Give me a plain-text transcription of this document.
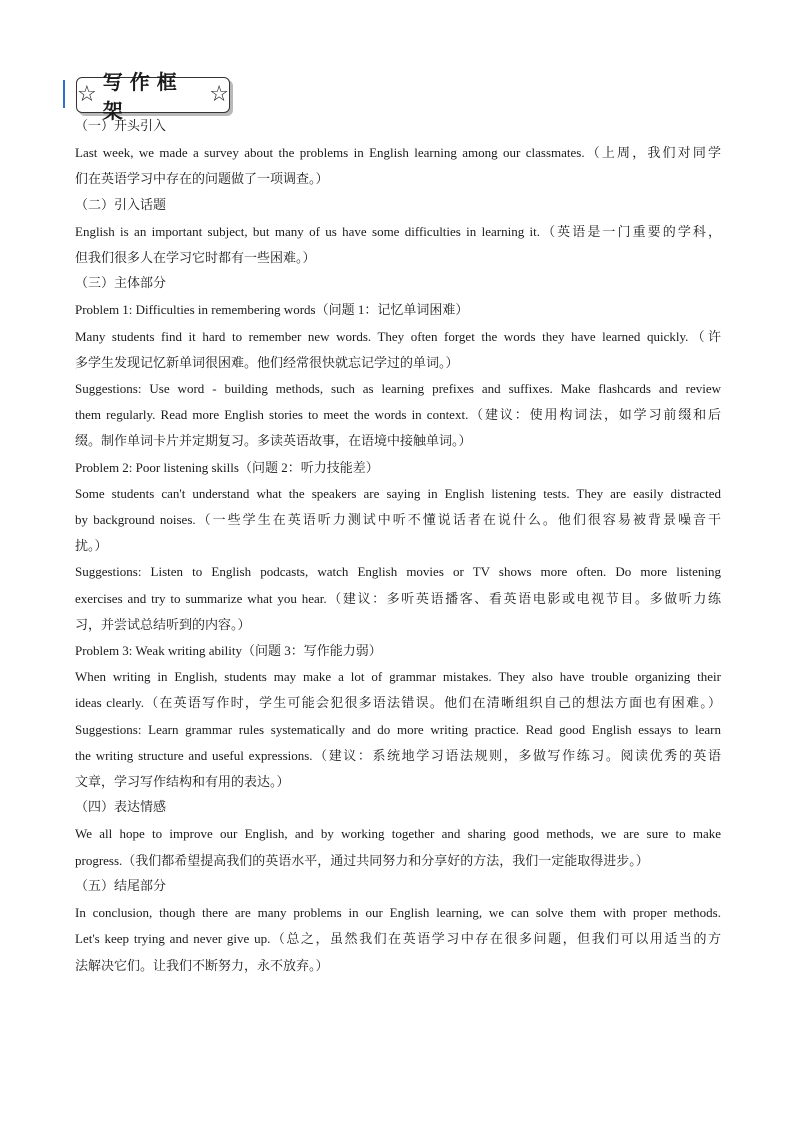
☆ 写作框架
☆
（一）开头引入
Last week, we made a survey about the problems in English learning among our classmates.（上周，我们对同学
们在英语学习中存在的问题做了一项调查。）
（二）引入话题
English is an important subject, but many of us have some difficulties in learning it.（英语是一门重要的学科，
但我们很多人在学习它时都有一些困难。）
（三）主体部分
Problem 1: Difficulties in remembering words（问题 1：记忆单词困难）
Many students find it hard to remember new words. They often forget the words they have learned quickly.（许
多学生发现记忆新单词很困难。他们经常很快就忘记学过的单词。）
Suggestions: Use word - building methods, such as learning prefixes and suffixes. Make flashcards and review
them regularly. Read more English stories to meet the words in context.（建议：使用构词法，如学习前缀和后
缀。制作单词卡片并定期复习。多读英语故事，在语境中接触单词。）
Problem 2: Poor listening skills（问题 2：听力技能差）
Some students can't understand what the speakers are saying in English listening tests. They are easily distracted
by background noises.（一些学生在英语听力测试中听不懂说话者在说什么。他们很容易被背景噪音干
扰。）
Suggestions: Listen to English podcasts, watch English movies or TV shows more often. Do more listening
exercises and try to summarize what you hear.（建议：多听英语播客、看英语电影或电视节目。多做听力练
习，并尝试总结听到的内容。）
Problem 3: Weak writing ability（问题 3：写作能力弱）
When writing in English, students may make a lot of grammar mistakes. They also have trouble organizing their
ideas clearly.（在英语写作时，学生可能会犯很多语法错误。他们在清晰组织自己的想法方面也有困难。）
Suggestions: Learn grammar rules systematically and do more writing practice. Read good English essays to learn
the writing structure and useful expressions.（建议：系统地学习语法规则，多做写作练习。阅读优秀的英语
文章，学习写作结构和有用的表达。）
（四）表达情感
We all hope to improve our English, and by working together and sharing good methods, we are sure to make
progress.（我们都希望提高我们的英语水平，通过共同努力和分享好的方法，我们一定能取得进步。）
（五）结尾部分
In conclusion, though there are many problems in our English learning, we can solve them with proper methods.
Let's keep trying and never give up.（总之，虽然我们在英语学习中存在很多问题，但我们可以用适当的方
法解决它们。让我们不断努力，永不放弃。）
